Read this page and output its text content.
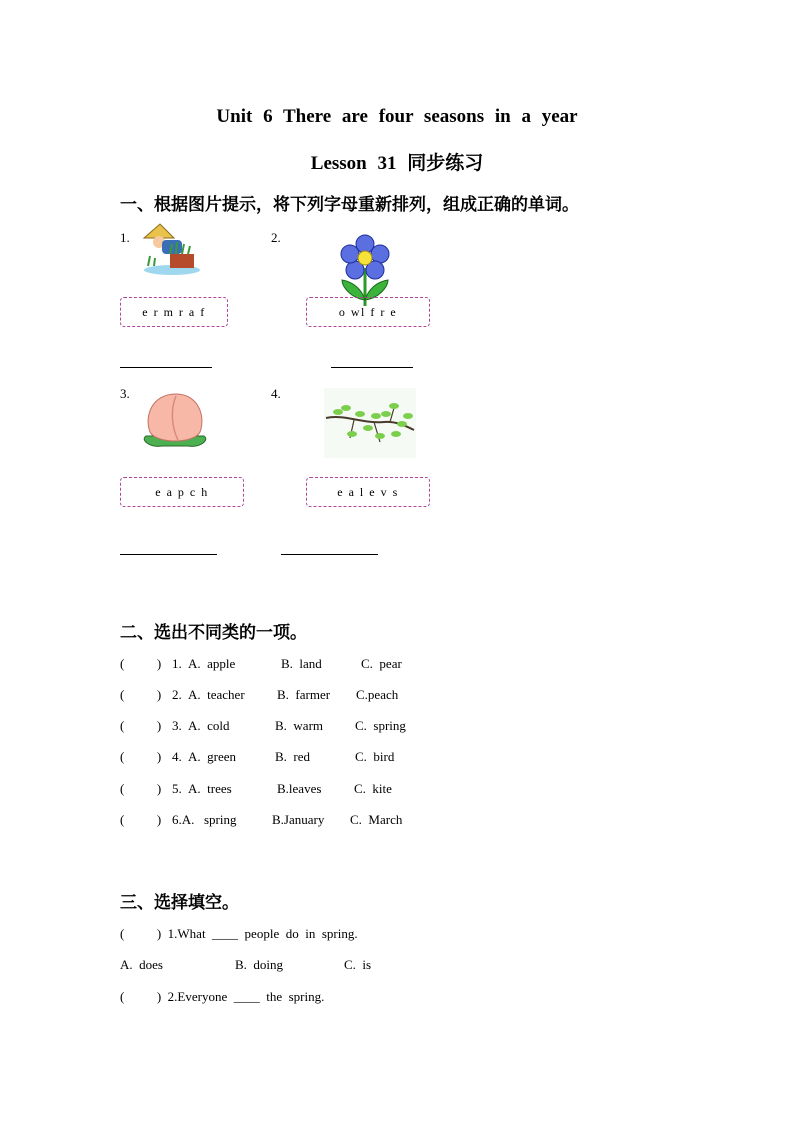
Unit 6 There are four seasons in a year
Lesson 31 同步练习
一、根据图片提示，将下列字母重新排列，组成正确的单词。
1.
e r m r a f
2.
o wl f r e
3.
e a p c h
4.
e a l e v s
二、选出不同类的一项。
(          ) 1. A.  apple	B.  land	C.  pear
(          ) 2. A.  teacher B.  farmer C.peach
(          ) 3. A.  cold	B.  warm C.  spring
(          ) 4. A.  green	B.  red	C.  bird
(          ) 5. A.  trees	B.leaves	C.  kite
(          ) 6.A. spring	B.January C.  March
三、选择填空。
(          )  1.What  ____  people  do  in  spring.
A.  does	B.  doing	C.  is
(          )  2.Everyone  ____  the  spring.
